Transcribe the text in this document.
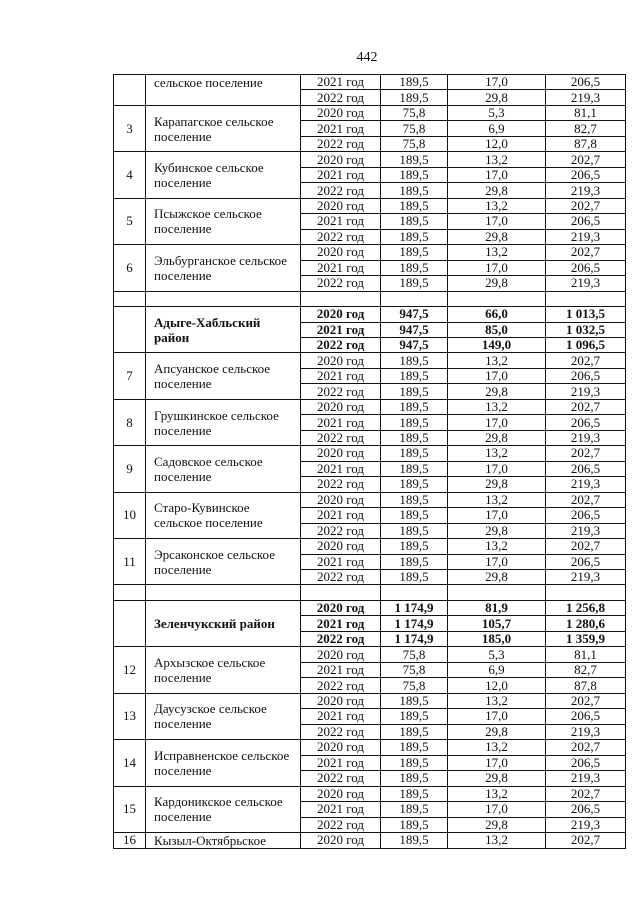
442
	сельское поселение	2021 год	189,5	17,0	206,5
		2022 год	189,5	29,8	219,3
3	Карапагское сельское поселение	2020 год	75,8	5,3	81,1
		2021 год	75,8	6,9	82,7
		2022 год	75,8	12,0	87,8
4	Кубинское сельское поселение	2020 год	189,5	13,2	202,7
		2021 год	189,5	17,0	206,5
		2022 год	189,5	29,8	219,3
5	Псыжское сельское поселение	2020 год	189,5	13,2	202,7
		2021 год	189,5	17,0	206,5
		2022 год	189,5	29,8	219,3
6	Эльбурганское сельское поселение	2020 год	189,5	13,2	202,7
		2021 год	189,5	17,0	206,5
		2022 год	189,5	29,8	219,3

	Адыге-Хабльский район	2020 год	947,5	66,0	1 013,5
		2021 год	947,5	85,0	1 032,5
		2022 год	947,5	149,0	1 096,5
7	Апсуанское сельское поселение	2020 год	189,5	13,2	202,7
		2021 год	189,5	17,0	206,5
		2022 год	189,5	29,8	219,3
8	Грушкинское сельское поселение	2020 год	189,5	13,2	202,7
		2021 год	189,5	17,0	206,5
		2022 год	189,5	29,8	219,3
9	Садовское сельское поселение	2020 год	189,5	13,2	202,7
		2021 год	189,5	17,0	206,5
		2022 год	189,5	29,8	219,3
10	Старо-Кувинское сельское поселение	2020 год	189,5	13,2	202,7
		2021 год	189,5	17,0	206,5
		2022 год	189,5	29,8	219,3
11	Эрсаконское сельское поселение	2020 год	189,5	13,2	202,7
		2021 год	189,5	17,0	206,5
		2022 год	189,5	29,8	219,3

	Зеленчукский район	2020 год	1 174,9	81,9	1 256,8
		2021 год	1 174,9	105,7	1 280,6
		2022 год	1 174,9	185,0	1 359,9
12	Архызское сельское поселение	2020 год	75,8	5,3	81,1
		2021 год	75,8	6,9	82,7
		2022 год	75,8	12,0	87,8
13	Даусузское сельское поселение	2020 год	189,5	13,2	202,7
		2021 год	189,5	17,0	206,5
		2022 год	189,5	29,8	219,3
14	Исправненское сельское поселение	2020 год	189,5	13,2	202,7
		2021 год	189,5	17,0	206,5
		2022 год	189,5	29,8	219,3
15	Кардоникское сельское поселение	2020 год	189,5	13,2	202,7
		2021 год	189,5	17,0	206,5
		2022 год	189,5	29,8	219,3
16	Кызыл-Октябрьское	2020 год	189,5	13,2	202,7
